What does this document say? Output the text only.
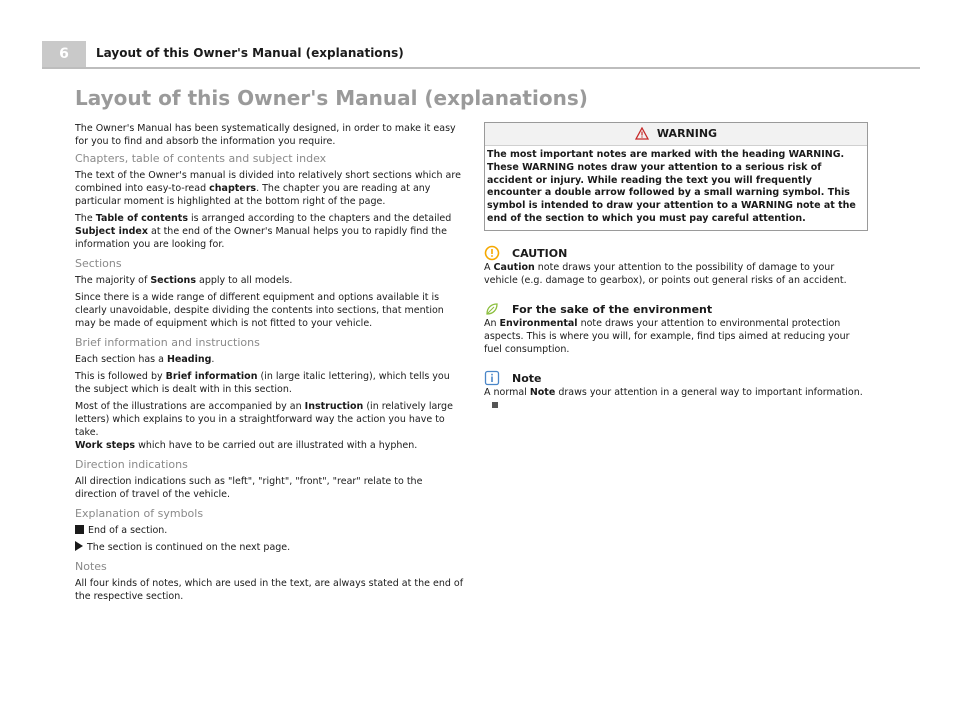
6	Layout of this Owner's Manual (explanations)
Layout of this Owner's Manual (explanations)

The Owner's Manual has been systematically designed, in order to make it easy for you to find and absorb the information you require.

Chapters, table of contents and subject index

The text of the Owner's manual is divided into relatively short sections which are combined into easy-to-read chapters. The chapter you are reading at any particular moment is highlighted at the bottom right of the page.

The Table of contents is arranged according to the chapters and the detailed Subject index at the end of the Owner's Manual helps you to rapidly find the information you are looking for.

Sections

The majority of Sections apply to all models.

Since there is a wide range of different equipment and options available it is clearly unavoidable, despite dividing the contents into sections, that mention may be made of equipment which is not fitted to your vehicle.

Brief information and instructions

Each section has a Heading.

This is followed by Brief information (in large italic lettering), which tells you the subject which is dealt with in this section.

Most of the illustrations are accompanied by an Instruction (in relatively large letters) which explains to you in a straightforward way the action you have to take.
Work steps which have to be carried out are illustrated with a hyphen.

Direction indications

All direction indications such as "left", "right", "front", "rear" relate to the direction of travel of the vehicle.

Explanation of symbols

End of a section.

The section is continued on the next page.

Notes

All four kinds of notes, which are used in the text, are always stated at the end of the respective section.

WARNING
The most important notes are marked with the heading WARNING. These WARNING notes draw your attention to a serious risk of accident or injury. While reading the text you will frequently encounter a double arrow followed by a small warning symbol. This symbol is intended to draw your attention to a WARNING note at the end of the section to which you must pay careful attention.
CAUTION

A Caution note draws your attention to the possibility of damage to your vehicle (e.g. damage to gearbox), or points out general risks of an accident.

For the sake of the environment

An Environmental note draws your attention to environmental protection aspects. This is where you will, for example, find tips aimed at reducing your fuel consumption.

Note

A normal Note draws your attention in a general way to important information.
